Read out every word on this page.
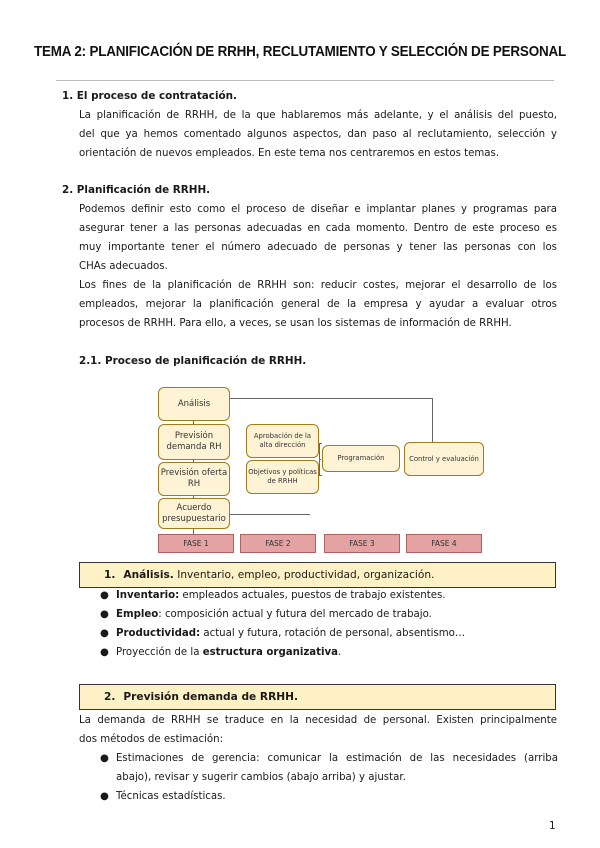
TEMA 2: PLANIFICACIÓN DE RRHH, RECLUTAMIENTO Y SELECCIÓN DE PERSONAL
1. El proceso de contratación.
La planificación de RRHH, de la que hablaremos más adelante, y el análisis del puesto,
del que ya hemos comentado algunos aspectos, dan paso al reclutamiento, selección y
orientación de nuevos empleados. En este tema nos centraremos en estos temas.
2. Planificación de RRHH.
Podemos definir esto como el proceso de diseñar e implantar planes y programas para
asegurar tener a las personas adecuadas en cada momento. Dentro de este proceso es
muy importante tener el número adecuado de personas y tener las personas con los
CHAs adecuados.
Los fines de la planificación de RRHH son: reducir costes, mejorar el desarrollo de los
empleados, mejorar la planificación general de la empresa y ayudar a evaluar otros
procesos de RRHH. Para ello, a veces, se usan los sistemas de información de RRHH.
2.1. Proceso de planificación de RRHH.
Análisis
Previsión demanda RH
Previsión oferta RH
Acuerdo presupuestario
Aprobación de la alta dirección
Objetivos y políticas de RRHH
Programación	Control y evaluación
FASE 1	FASE 2	FASE 3	FASE 4
1. Análisis. Inventario, empleo, productividad, organización.
● Inventario: empleados actuales, puestos de trabajo existentes.
● Empleo: composición actual y futura del mercado de trabajo.
● Productividad: actual y futura, rotación de personal, absentismo…
● Proyección de la estructura organizativa.
2. Previsión demanda de RRHH.
La demanda de RRHH se traduce en la necesidad de personal. Existen principalmente
dos métodos de estimación:
● Estimaciones de gerencia: comunicar la estimación de las necesidades (arriba
abajo), revisar y sugerir cambios (abajo arriba) y ajustar.
● Técnicas estadísticas.
1
